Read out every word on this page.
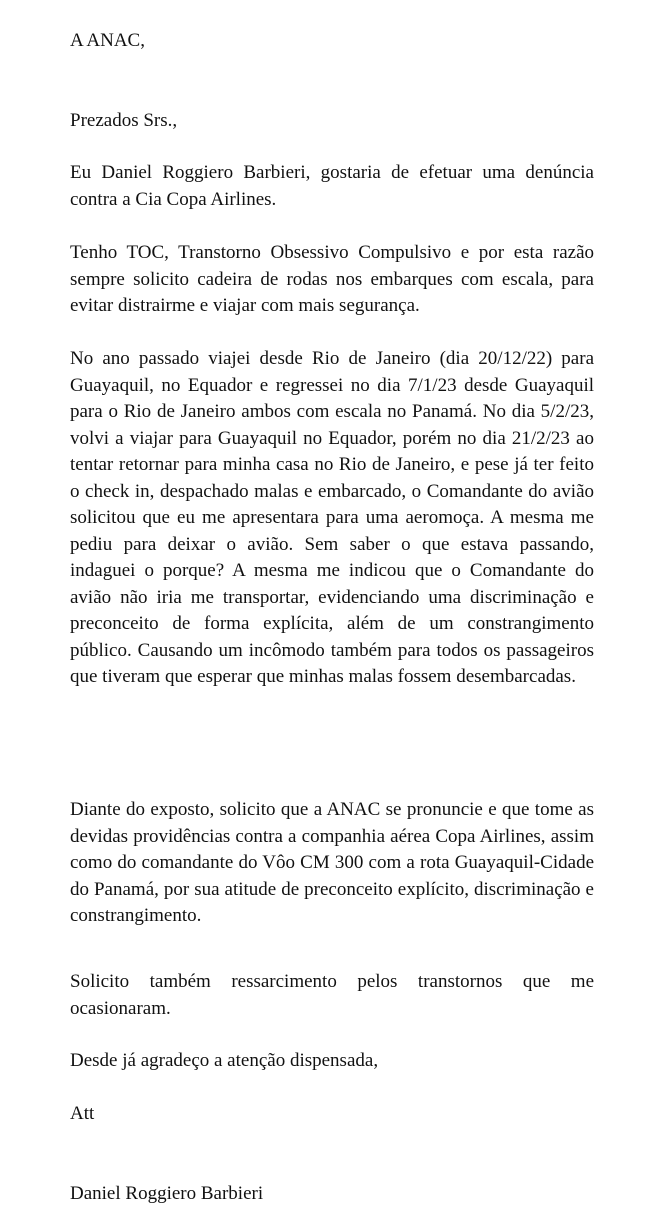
A ANAC,

Prezados Srs.,

Eu Daniel Roggiero Barbieri, gostaria de efetuar uma denúncia contra a Cia Copa Airlines.

Tenho TOC, Transtorno Obsessivo Compulsivo e por esta razão sempre solicito cadeira de rodas nos embarques com escala, para evitar distrairme e viajar com mais segurança.

No ano passado viajei desde Rio de Janeiro (dia 20/12/22) para Guayaquil, no Equador e regressei no dia 7/1/23 desde Guayaquil para o Rio de Janeiro ambos com escala no Panamá. No dia 5/2/23, volvi a viajar para Guayaquil no Equador, porém no dia 21/2/23 ao tentar retornar para minha casa no Rio de Janeiro, e pese já ter feito o check in, despachado malas e embarcado, o Comandante do avião solicitou que eu me apresentara para uma aeromoça. A mesma me pediu para deixar o avião. Sem saber o que estava passando, indaguei o porque? A mesma me indicou que o Comandante do avião não iria me transportar, evidenciando uma discriminação e preconceito de forma explícita, além de um constrangimento público. Causando um incômodo também para todos os passageiros que tiveram que esperar que minhas malas fossem desembarcadas.

Diante do exposto, solicito que a ANAC se pronuncie e que tome as devidas providências contra a companhia aérea Copa Airlines, assim como do comandante do Vôo CM 300 com a rota Guayaquil-Cidade do Panamá, por sua atitude de preconceito explícito, discriminação e constrangimento.

Solicito também ressarcimento pelos transtornos que me ocasionaram.

Desde já agradeço a atenção dispensada,

Att

Daniel Roggiero Barbieri
